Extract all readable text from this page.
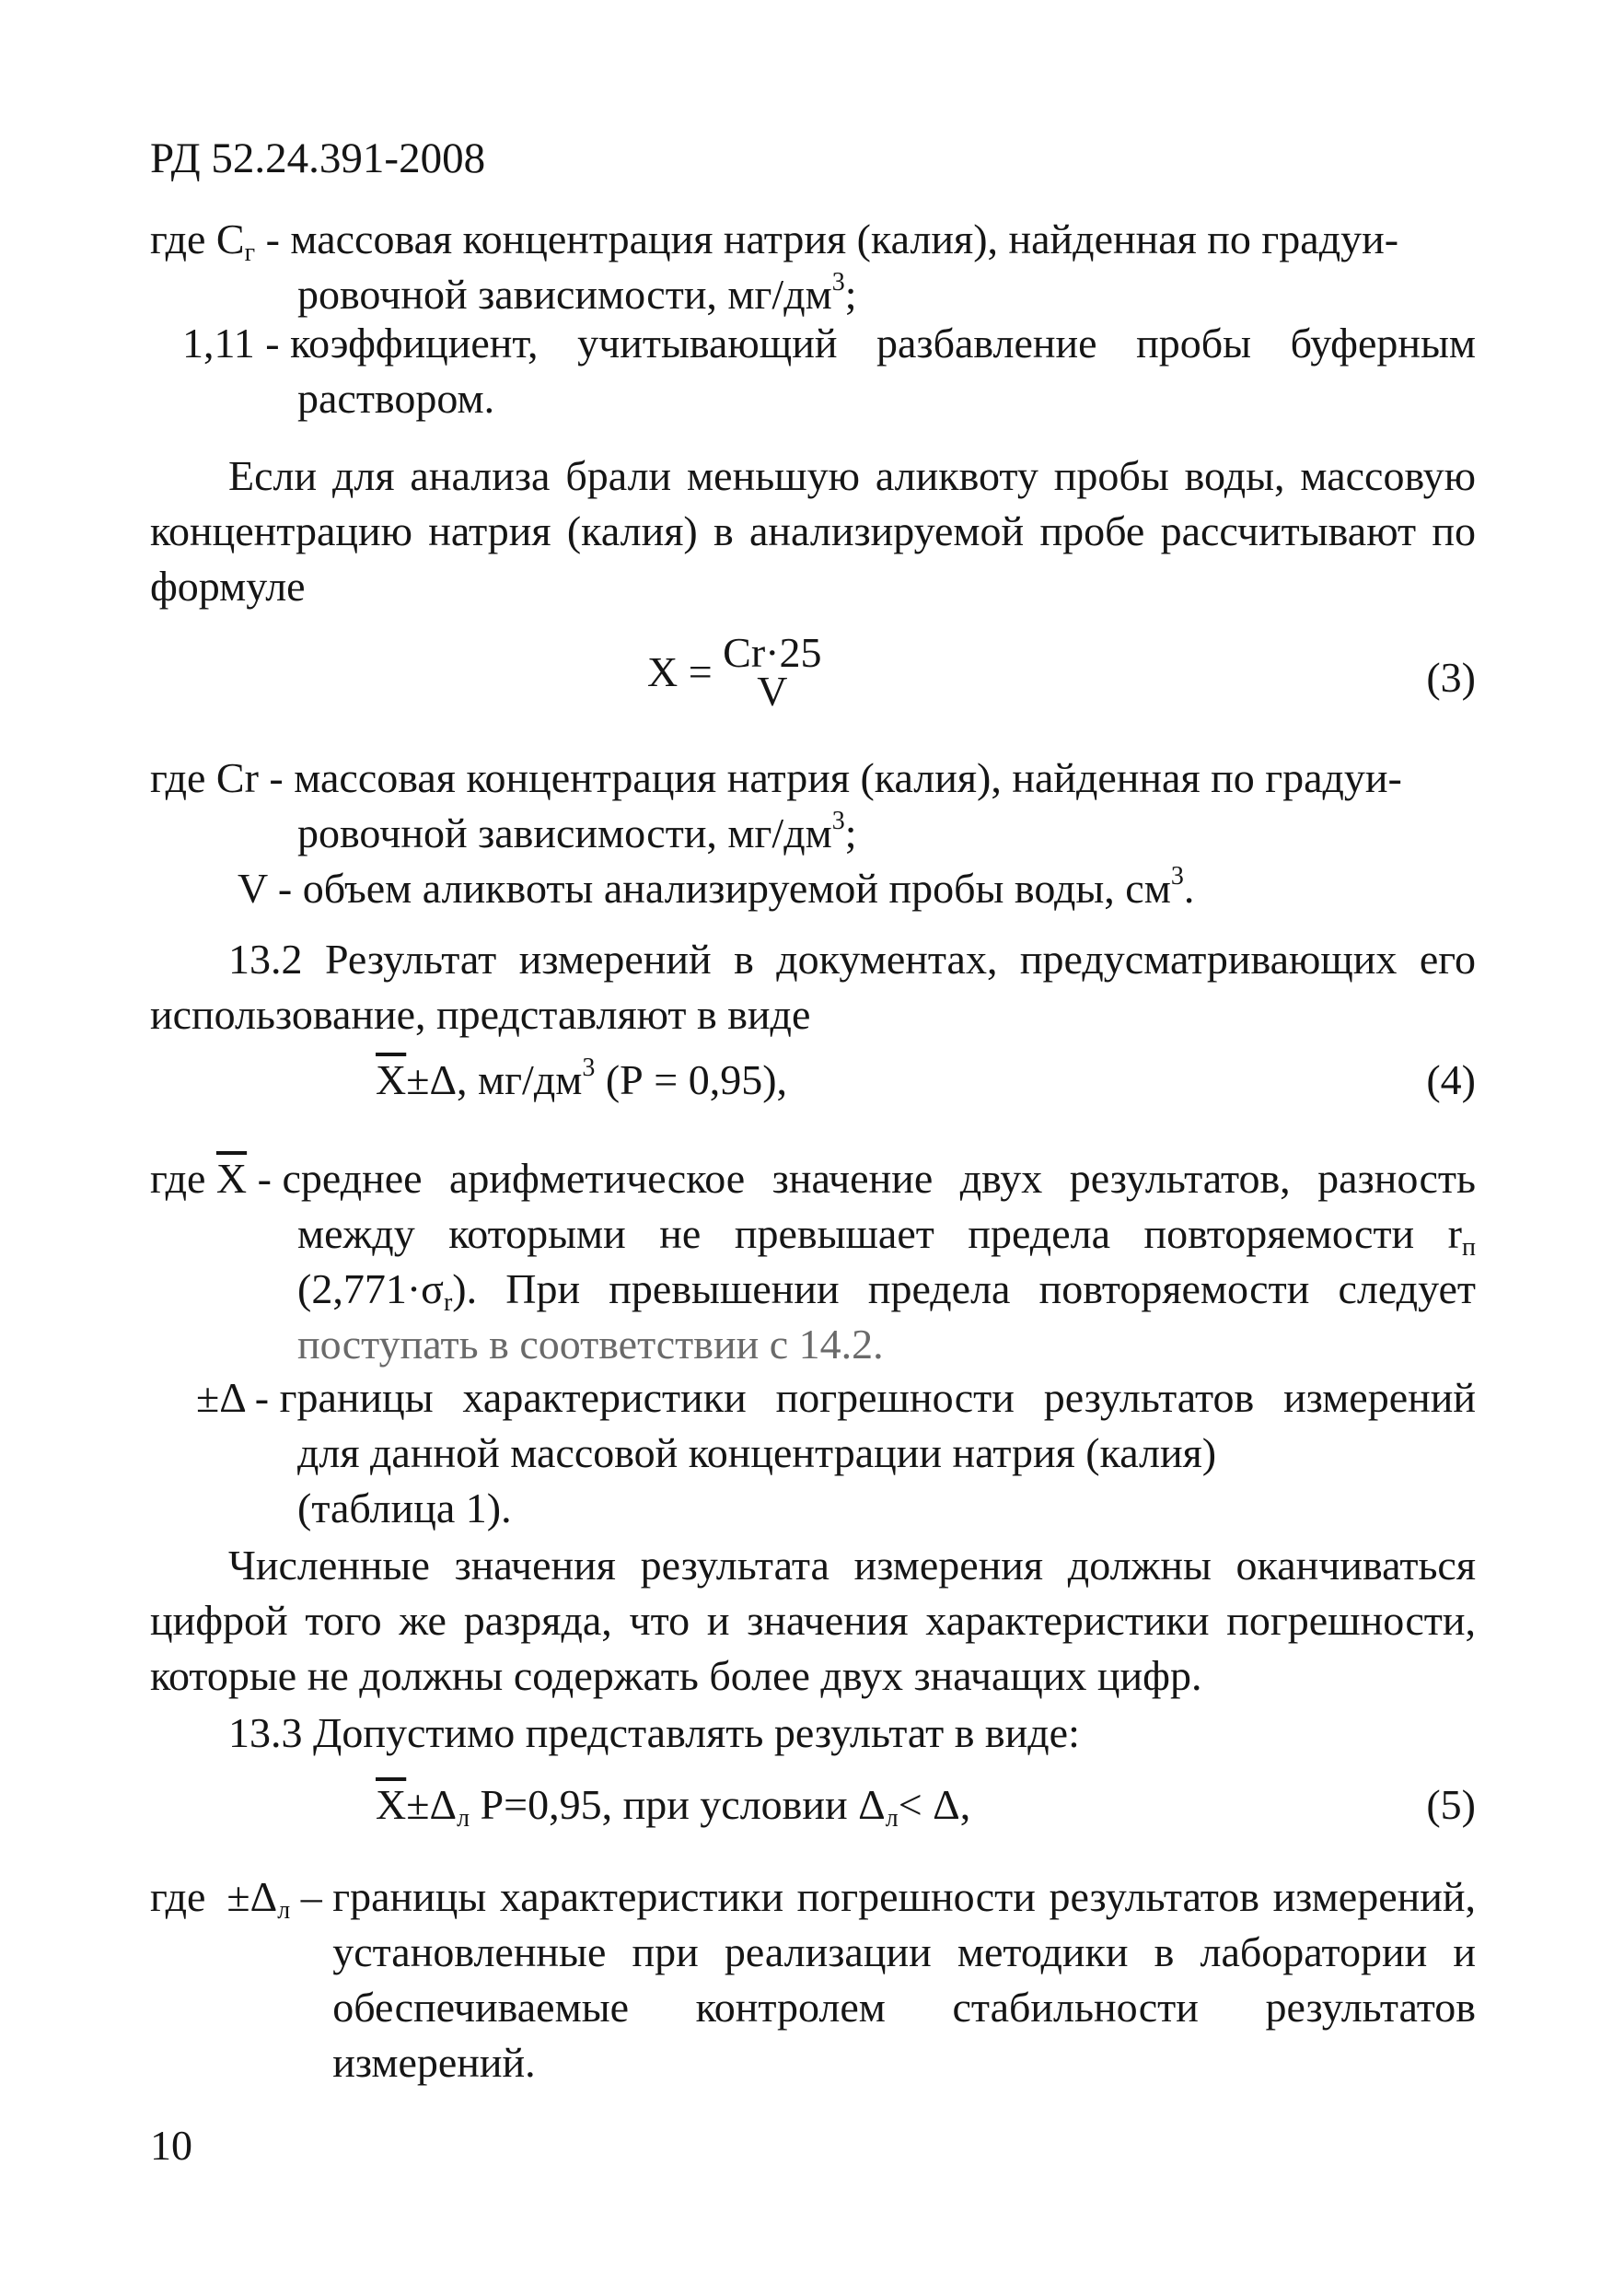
РД 52.24.391-2008
где $С_г$ - массовая концентрация натрия (калия), найденная по градуи-
ровочной зависимости, $мг/дм^3$;
1,11 - коэффициент, учитывающий разбавление пробы буферным
раствором.

Если для анализа брали меньшую аликвоту пробы воды, массовую концентрацию натрия (калия) в анализируемой пробе рассчитывают по формуле

X = Cr·25
V	(3)
где Cr - массовая концентрация натрия (калия), найденная по градуи-
ровочной зависимости, $мг/дм^3$;
V - объем аликвоты анализируемой пробы воды, $см^3$.

13.2 Результат измерений в документах, предусматривающих его использование, представляют в виде

$\overline{X}\pm\Delta$, $мг/дм^3$ (Р = 0,95),	(4)
где $\overline{X}$ - среднее арифметическое значение двух результатов, разность
между которыми не превышает предела повторяемости $r_п$
$(2,771\cdot\sigma_r)$. При превышении предела повторяемости следует
поступать в соответствии с 14.2.
±Δ - границы характеристики погрешности результатов измерений
для данной массовой концентрации натрия (калия)
(таблица 1).

Численные значения результата измерения должны оканчиваться цифрой того же разряда, что и значения характеристики погрешности, которые не должны содержать более двух значащих цифр.

13.3 Допустимо представлять результат в виде:

$\overline{X}\pm\Delta_л$ Р=0,95, при условии $\Delta_л< \Delta$,	(5)
где  $\pm\Delta_л$ – границы характеристики погрешности результатов измерений, установленные при реализации методики в лаборатории и обеспечиваемые контролем стабильности результатов измерений.
10
